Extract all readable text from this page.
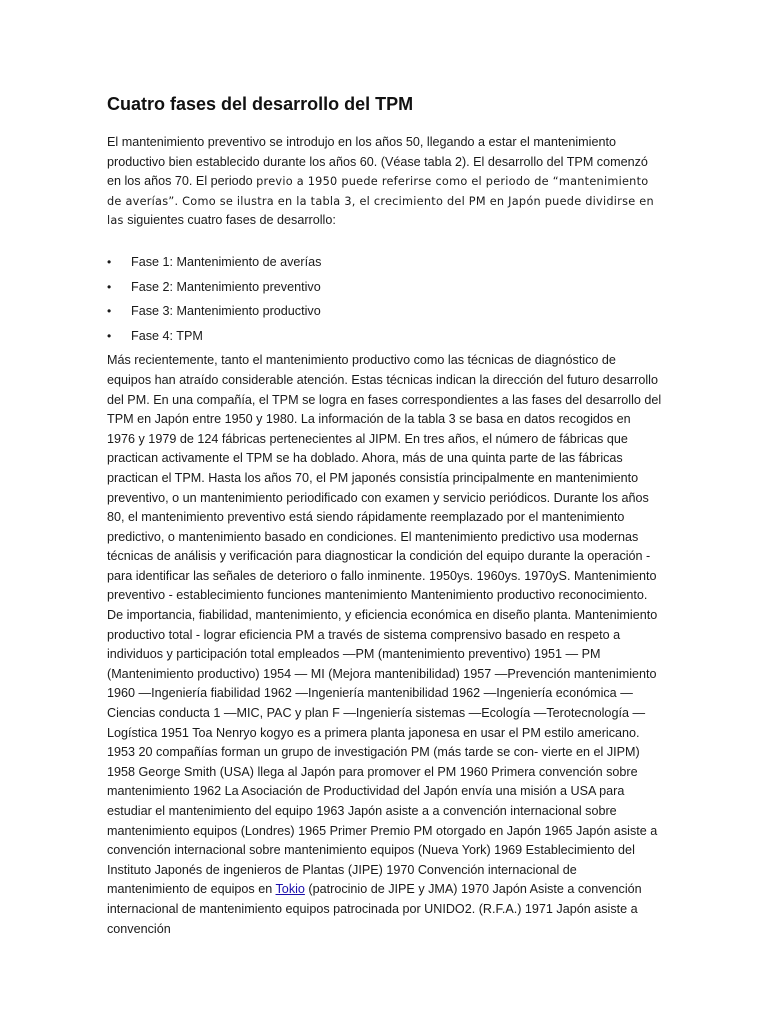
Cuatro fases del desarrollo del TPM

El mantenimiento preventivo se introdujo en los años 50, llegando a estar el mantenimiento productivo bien establecido durante los años 60. (Véase tabla 2). El desarrollo del TPM comenzó en los años 70. El periodo previo a 1950 puede referirse como el periodo de “mantenimiento de averías”. Como se ilustra en la tabla 3, el crecimiento del PM en Japón puede dividirse en las siguientes cuatro fases de desarrollo:

• Fase 1: Mantenimiento de averías
• Fase 2: Mantenimiento preventivo
• Fase 3: Mantenimiento productivo
• Fase 4: TPM

Más recientemente, tanto el mantenimiento productivo como las técnicas de diagnóstico de equipos han atraído considerable atención. Estas técnicas indican la dirección del futuro desarrollo del PM. En una compañía, el TPM se logra en fases correspondientes a las fases del desarrollo del TPM en Japón entre 1950 y 1980. La información de la tabla 3 se basa en datos recogidos en 1976 y 1979 de 124 fábricas pertenecientes al JIPM. En tres años, el número de fábricas que practican activamente el TPM se ha doblado. Ahora, más de una quinta parte de las fábricas practican el TPM. Hasta los años 70, el PM japonés consistía principalmente en mantenimiento preventivo, o un mantenimiento periodificado con examen y servicio periódicos. Durante los años 80, el mantenimiento preventivo está siendo rápidamente reemplazado por el mantenimiento predictivo, o mantenimiento basado en condiciones. El mantenimiento predictivo usa modernas técnicas de análisis y verificación para diagnosticar la condición del equipo durante la operación -para identificar las señales de deterioro o fallo inminente. 1950ys. 1960ys. 1970yS. Mantenimiento preventivo - establecimiento funciones mantenimiento Mantenimiento productivo reconocimiento. De importancia, fiabilidad, mantenimiento, y eficiencia económica en diseño planta. Mantenimiento productivo total - lograr eficiencia PM a través de sistema comprensivo basado en respeto a individuos y participación total empleados —PM (mantenimiento preventivo) 1951 — PM (Mantenimiento productivo) 1954 — MI (Mejora mantenibilidad) 1957 —Prevención mantenimiento 1960 —Ingeniería fiabilidad 1962 —Ingeniería mantenibilidad 1962 —Ingeniería económica — Ciencias conducta 1 —MIC, PAC y plan F —Ingeniería sistemas —Ecología —Terotecnología — Logística 1951 Toa Nenryo kogyo es a primera planta japonesa en usar el PM estilo americano. 1953 20 compañías forman un grupo de investigación PM (más tarde se con- vierte en el JIPM) 1958 George Smith (USA) llega al Japón para promover el PM 1960 Primera convención sobre mantenimiento 1962 La Asociación de Productividad del Japón envía una misión a USA para estudiar el mantenimiento del equipo 1963 Japón asiste a a convención internacional sobre mantenimiento equipos (Londres) 1965 Primer Premio PM otorgado en Japón 1965 Japón asiste a convención internacional sobre mantenimiento equipos (Nueva York) 1969 Establecimiento del Instituto Japonés de ingenieros de Plantas (JIPE) 1970 Convención internacional de mantenimiento de equipos en Tokio (patrocinio de JIPE y JMA) 1970 Japón Asiste a convención internacional de mantenimiento equipos patrocinada por UNIDO2. (R.F.A.) 1971 Japón asiste a convención
